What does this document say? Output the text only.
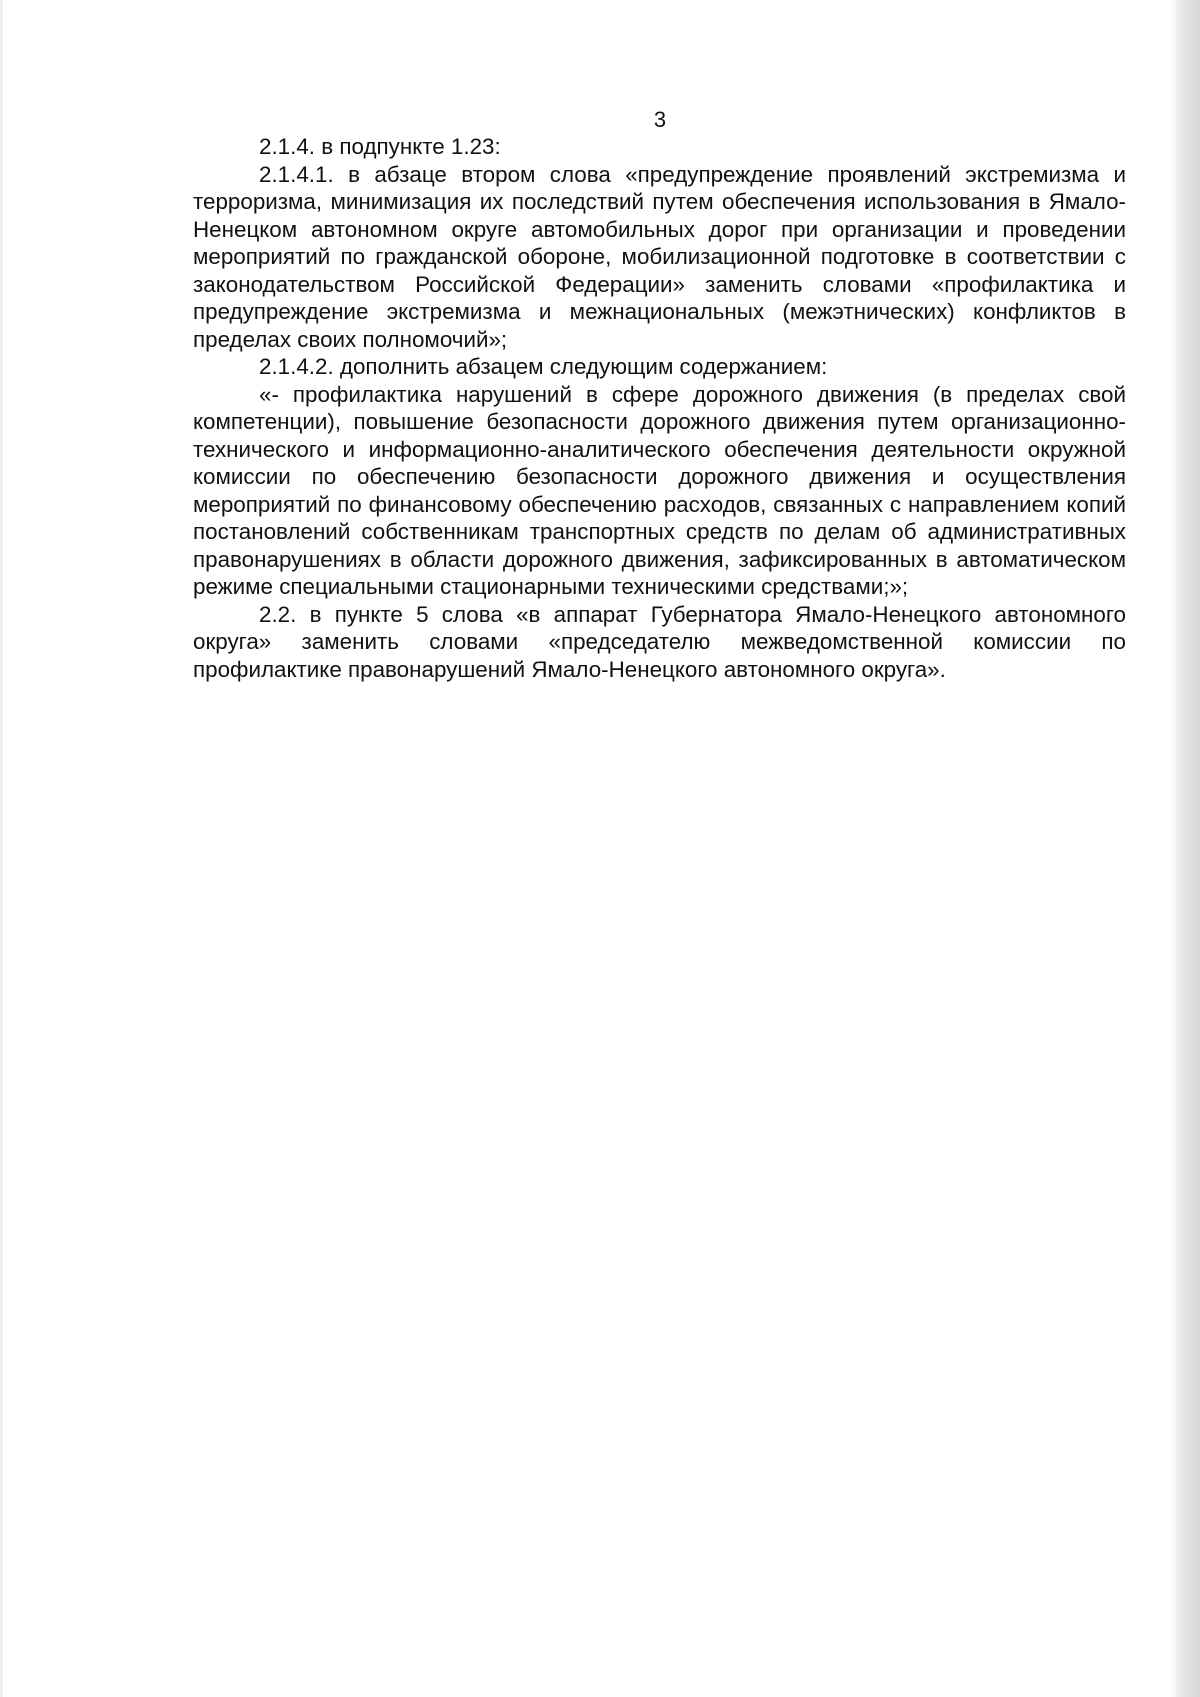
3

2.1.4. в подпункте 1.23:

2.1.4.1. в абзаце втором слова «предупреждение проявлений экстремизма и терроризма, минимизация их последствий путем обеспечения использования в Ямало-Ненецком автономном округе автомобильных дорог при организации и проведении мероприятий по гражданской обороне, мобилизационной подготовке в соответствии с законодательством Российской Федерации» заменить словами «профилактика и предупреждение экстремизма и межнациональных (межэтнических) конфликтов в пределах своих полномочий»;

2.1.4.2. дополнить абзацем следующим содержанием:

«- профилактика нарушений в сфере дорожного движения (в пределах свой компетенции), повышение безопасности дорожного движения путем организационно-технического и информационно-аналитического обеспечения деятельности окружной комиссии по обеспечению безопасности дорожного движения и осуществления мероприятий по финансовому обеспечению расходов, связанных с направлением копий постановлений собственникам транспортных средств по делам об административных правонарушениях в области дорожного движения, зафиксированных в автоматическом режиме специальными стационарными техническими средствами;»;

2.2. в пункте 5 слова «в аппарат Губернатора Ямало-Ненецкого автономного округа» заменить словами «председателю межведомственной комиссии по профилактике правонарушений Ямало-Ненецкого автономного округа».
